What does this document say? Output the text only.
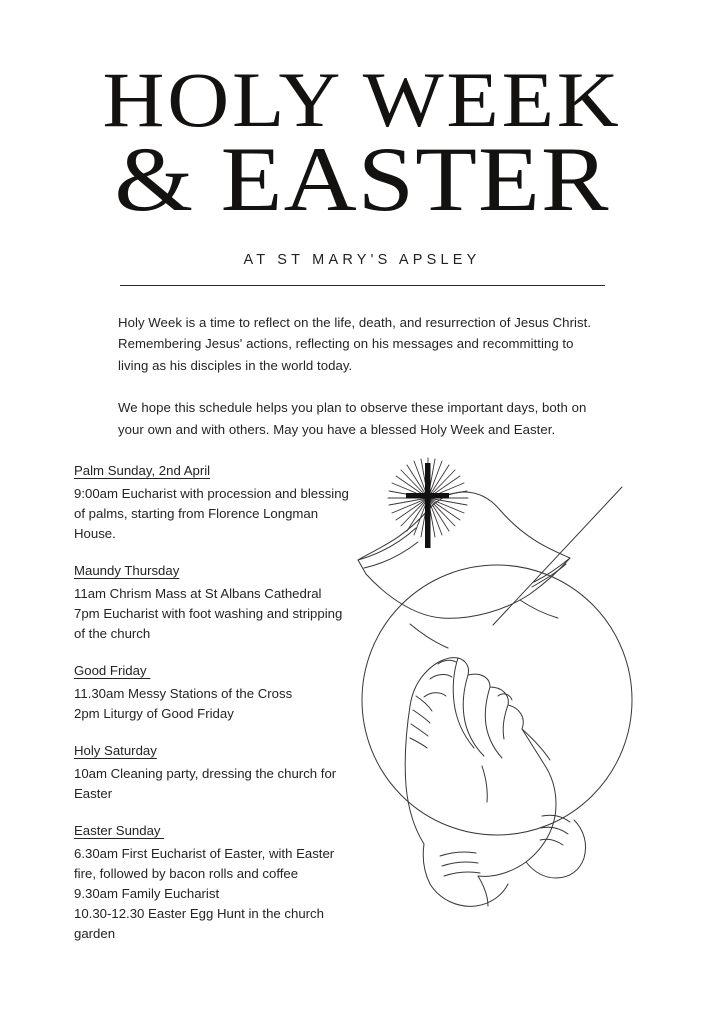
HOLY WEEK
& EASTER
AT ST MARY'S APSLEY

Holy Week is a time to reflect on the life, death, and resurrection of Jesus Christ. Remembering Jesus' actions, reflecting on his messages and recommitting to living as his disciples in the world today.

We hope this schedule helps you plan to observe these important days, both on your own and with others. May you have a blessed Holy Week and Easter.

Palm Sunday, 2nd April
9:00am Eucharist with procession and blessing of palms, starting from Florence Longman House.
Maundy Thursday
11am Chrism Mass at St Albans Cathedral
7pm Eucharist with foot washing and stripping of the church
Good Friday
11.30am Messy Stations of the Cross
2pm Liturgy of Good Friday
Holy Saturday
10am Cleaning party, dressing the church for Easter
Easter Sunday
6.30am First Eucharist of Easter, with Easter fire, followed by bacon rolls and coffee
9.30am Family Eucharist
10.30-12.30 Easter Egg Hunt in the church garden
